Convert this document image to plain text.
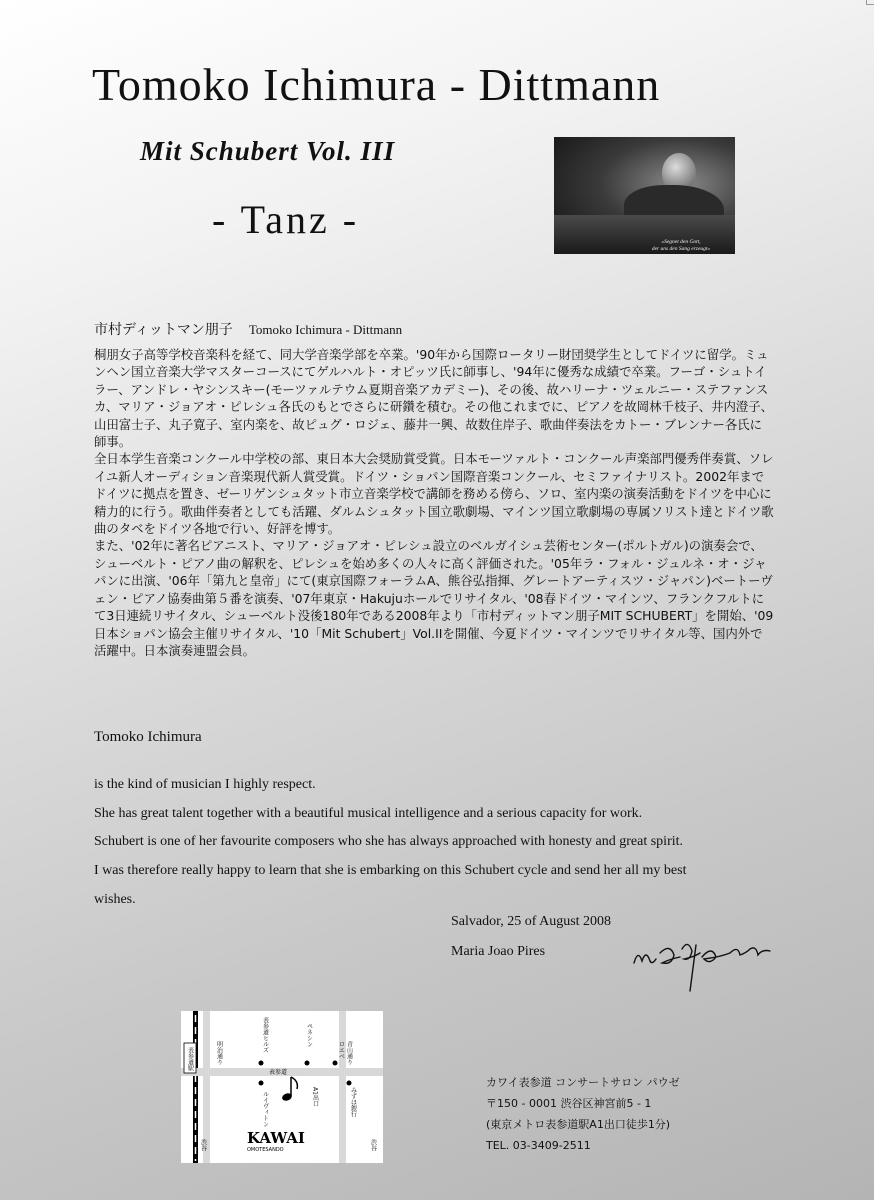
Tomoko Ichimura - Dittmann
Mit Schubert Vol. III
- Tanz -	»Segnet den Gott,
der uns den Sang erzeugt«
市村ディットマン朋子 Tomoko Ichimura - Dittmann

桐朋女子高等学校音楽科を経て、同大学音楽学部を卒業。'90年から国際ロータリー財団奨学生としてドイツに留学。ミュンヘン国立音楽大学マスターコースにてゲルハルト・オピッツ氏に師事し、'94年に優秀な成績で卒業。フーゴ・シュトイラー、アンドレ・ヤシンスキー(モーツァルテウム夏期音楽アカデミー)、その後、故ハリーナ・ツェルニー・ステファンスカ、マリア・ジョアオ・ピレシュ各氏のもとでさらに研鑽を積む。その他これまでに、ピアノを故岡林千枝子、井内澄子、山田富士子、丸子寛子、室内楽を、故ピュグ・ロジェ、藤井一興、故数住岸子、歌曲伴奏法をカトー・ブレンナー各氏に師事。

全日本学生音楽コンクール中学校の部、東日本大会奨励賞受賞。日本モーツァルト・コンクール声楽部門優秀伴奏賞、ソレイユ新人オーディション音楽現代新人賞受賞。ドイツ・ショパン国際音楽コンクール、セミファイナリスト。2002年までドイツに拠点を置き、ゼーリゲンシュタット市立音楽学校で講師を務める傍ら、ソロ、室内楽の演奏活動をドイツを中心に精力的に行う。歌曲伴奏者としても活躍、ダルムシュタット国立歌劇場、マインツ国立歌劇場の専属ソリスト達とドイツ歌曲のタベをドイツ各地で行い、好評を博す。

また、'02年に著名ピアニスト、マリア・ジョアオ・ピレシュ設立のベルガイシュ芸術センター(ポルトガル)の演奏会で、シューベルト・ピアノ曲の解釈を、ピレシュを始め多くの人々に高く評価された。'05年ラ・フォル・ジュルネ・オ・ジャパンに出演、'06年「第九と皇帝」にて(東京国際フォーラムA、熊谷弘指揮、グレートアーティスツ・ジャパン)ベートーヴェン・ピアノ協奏曲第５番を演奏、'07年東京・Hakujuホールでリサイタル、'08春ドイツ・マインツ、フランクフルトにて3日連続リサイタル、シューベルト没後180年である2008年より「市村ディットマン朋子MIT SCHUBERT」を開始、'09日本ショパン協会主催リサイタル、'10「Mit Schubert」Vol.IIを開催、今夏ドイツ・マインツでリサイタル等、国内外で活躍中。日本演奏連盟会員。

Tomoko Ichimura

is the kind of musician I highly respect.

She has great talent together with a beautiful musical intelligence and a serious capacity for work.

Schubert is one of her favourite composers who she has always approached with honesty and great spirit.

I was therefore really happy to learn that she is embarking on this Schubert cycle and send her all my best

wishes.

Salvador, 25 of August 2008
Maria Joao Pires
表参道駅	明治通り	青山通り
渋谷	渋谷
表参道
表参道ヒルズ	ペネシン
ロエベ
ルイヴィトン	A1出口	みずほ銀行
KAWAI
OMOTESANDO
カワイ表参道 コンサートサロン パウゼ
〒150 - 0001 渋谷区神宮前5 - 1
(東京メトロ表参道駅A1出口徒歩1分)
TEL. 03-3409-2511
